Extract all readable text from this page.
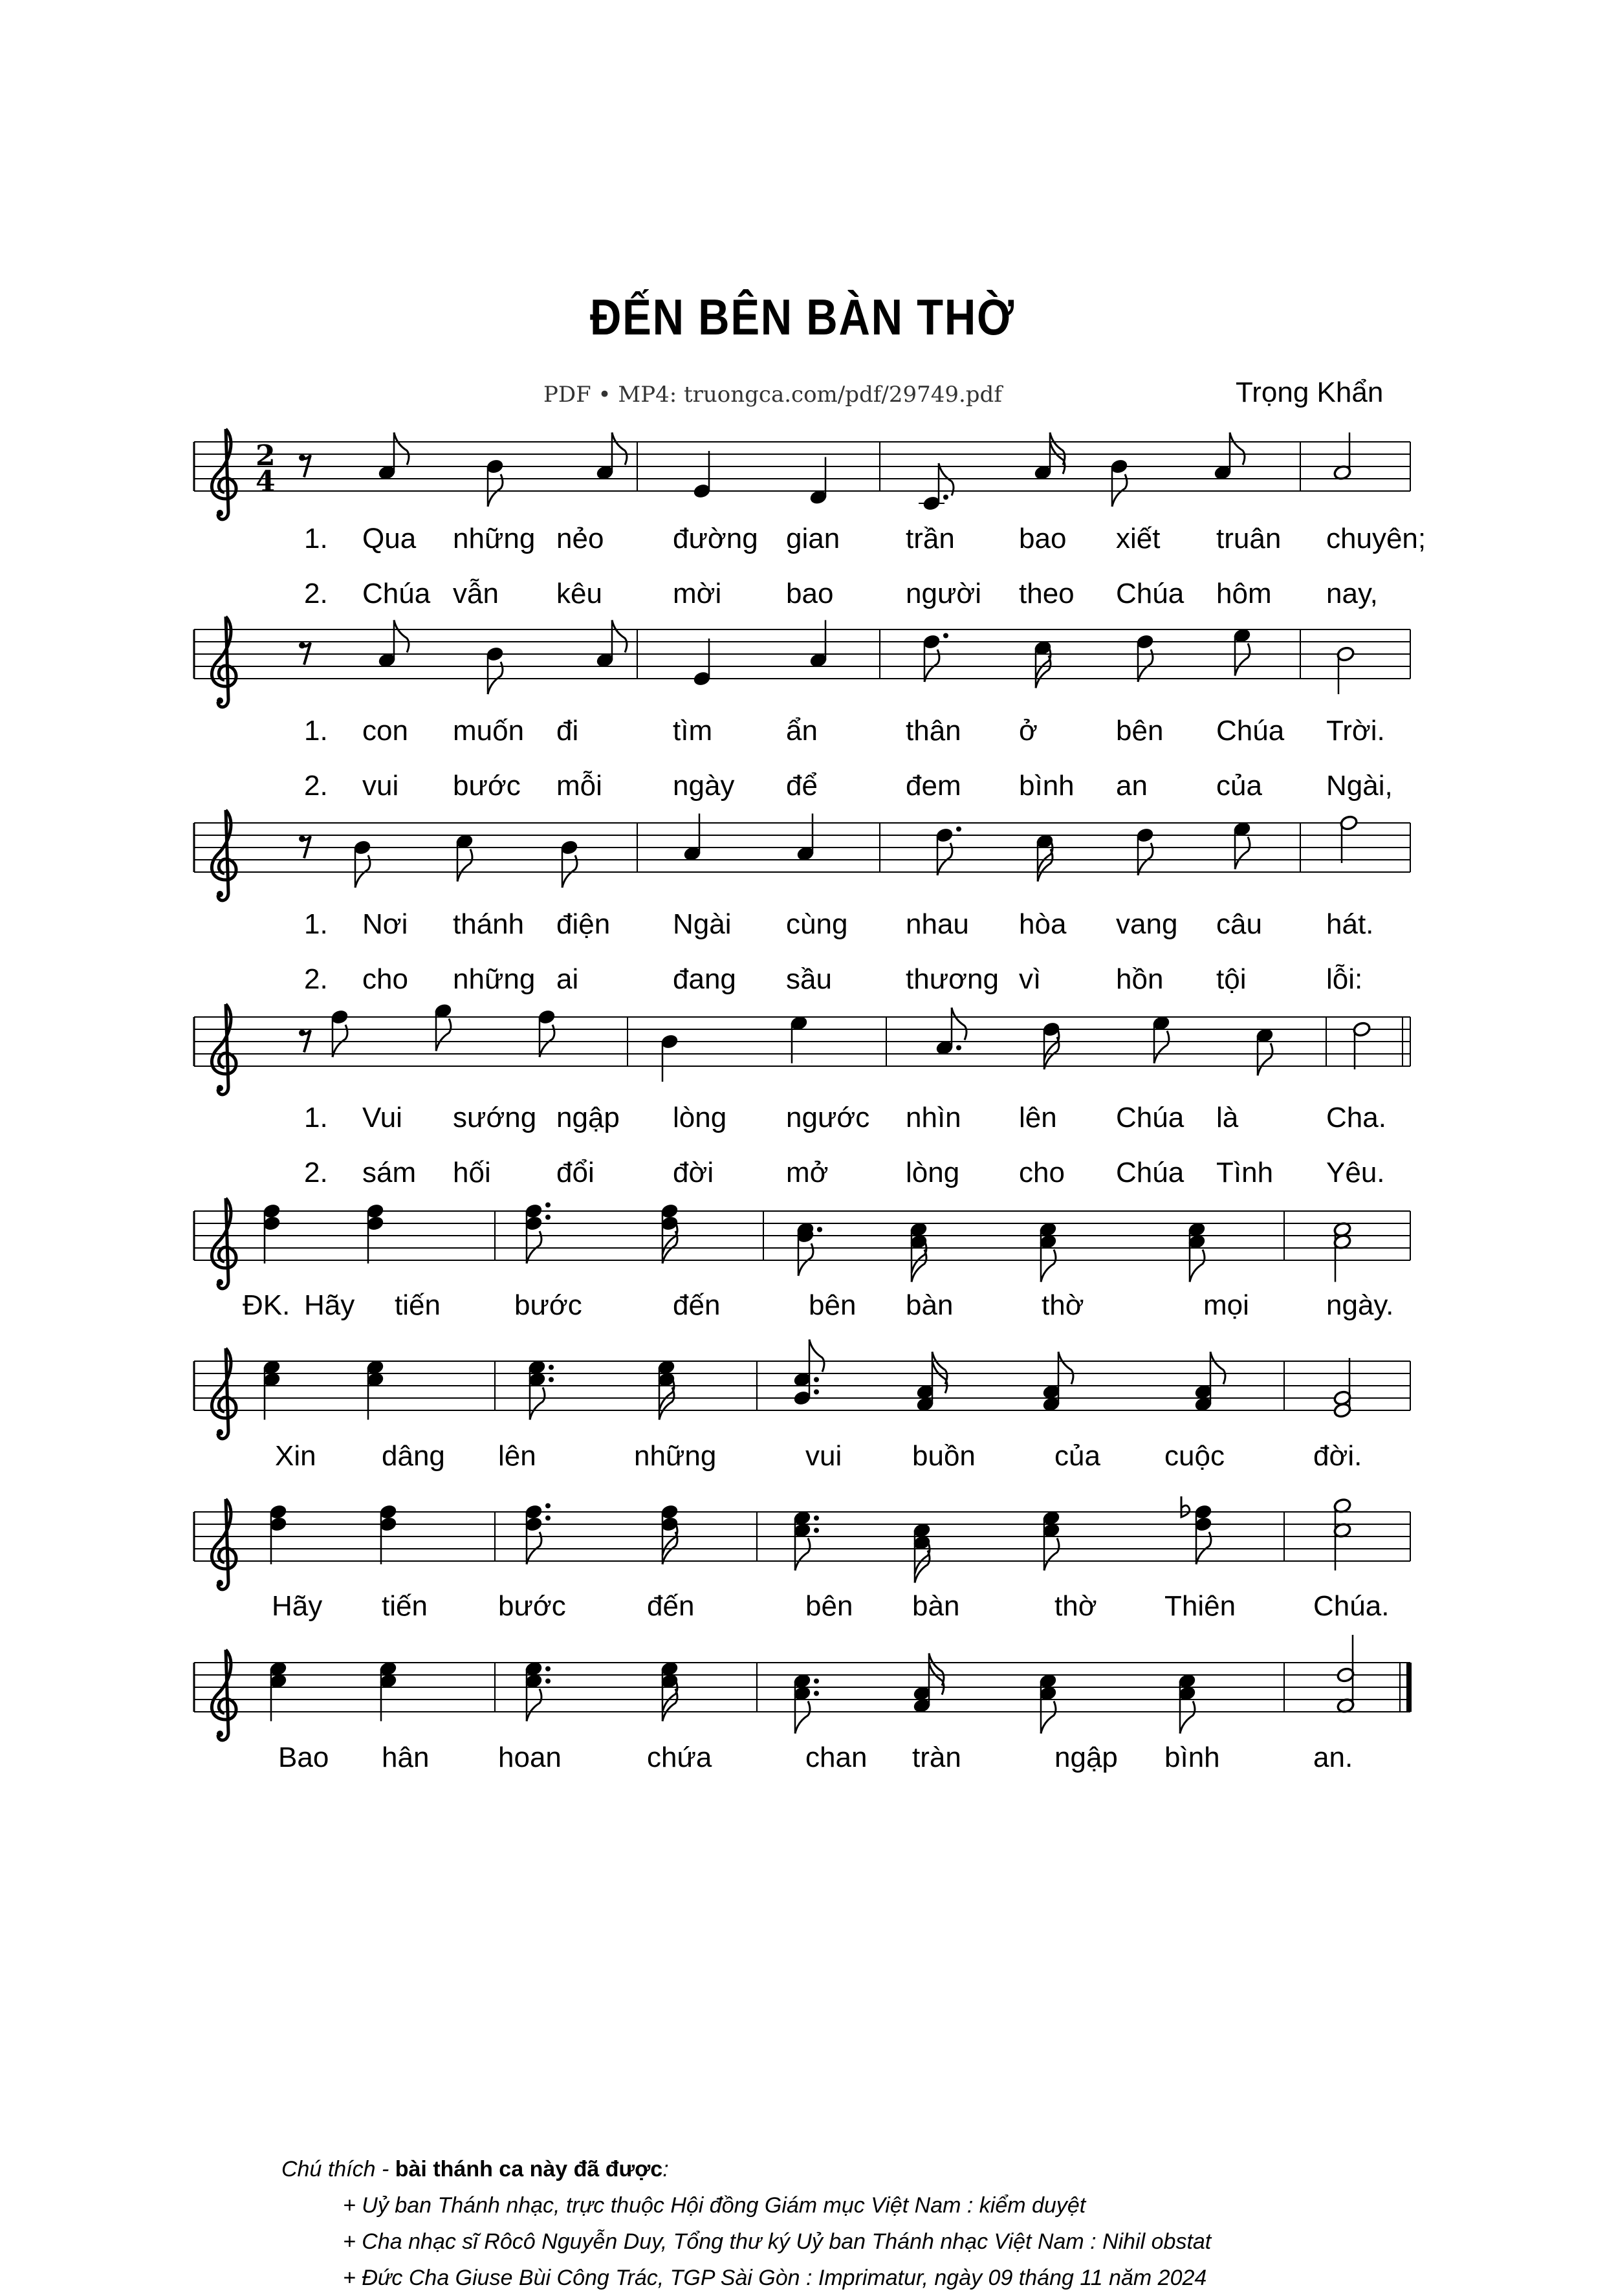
ĐẾN BÊN BÀN THỜ
PDF • MP4: truongca.com/pdf/29749.pdf	Trọng Khẩn
2
4
1. Qua những nẻo đường gian trần bao xiết truân chuyên;
2. Chúa vẫn kêu mời bao	người theo Chúa hôm nay,
1. con muốn đi	tìm	ẩn	thân ở	bên Chúa Trời.
2. vui bước mỗi ngày để	đem bình an của Ngài,
1. Nơi thánh điện Ngài cùng nhau hòa vang câu hát.
2. cho những ai	đang sầu	thương vì	hồn tội	lỗi:
1. Vui sướng ngập lòng ngước nhìn lên Chúa là	Cha.
2. sám hối đổi	đời	mở	lòng cho Chúa Tình Yêu.
ĐK. Hãy tiến	bước	đến	bên bàn	thờ	mọi	ngày.
Xin dâng lên	những	vui buồn	của cuộc	đời.
Hãy tiến bước	đến	bên bàn	thờ Thiên	Chúa.
Bao hân hoan	chứa	chan tràn	ngập bình	an.
Chú thích - bài thánh ca này đã được:
+ Uỷ ban Thánh nhạc, trực thuộc Hội đồng Giám mục Việt Nam : kiểm duyệt
+ Cha nhạc sĩ Rôcô Nguyễn Duy, Tổng thư ký Uỷ ban Thánh nhạc Việt Nam : Nihil obstat
+ Đức Cha Giuse Bùi Công Trác, TGP Sài Gòn : Imprimatur, ngày 09 tháng 11 năm 2024
